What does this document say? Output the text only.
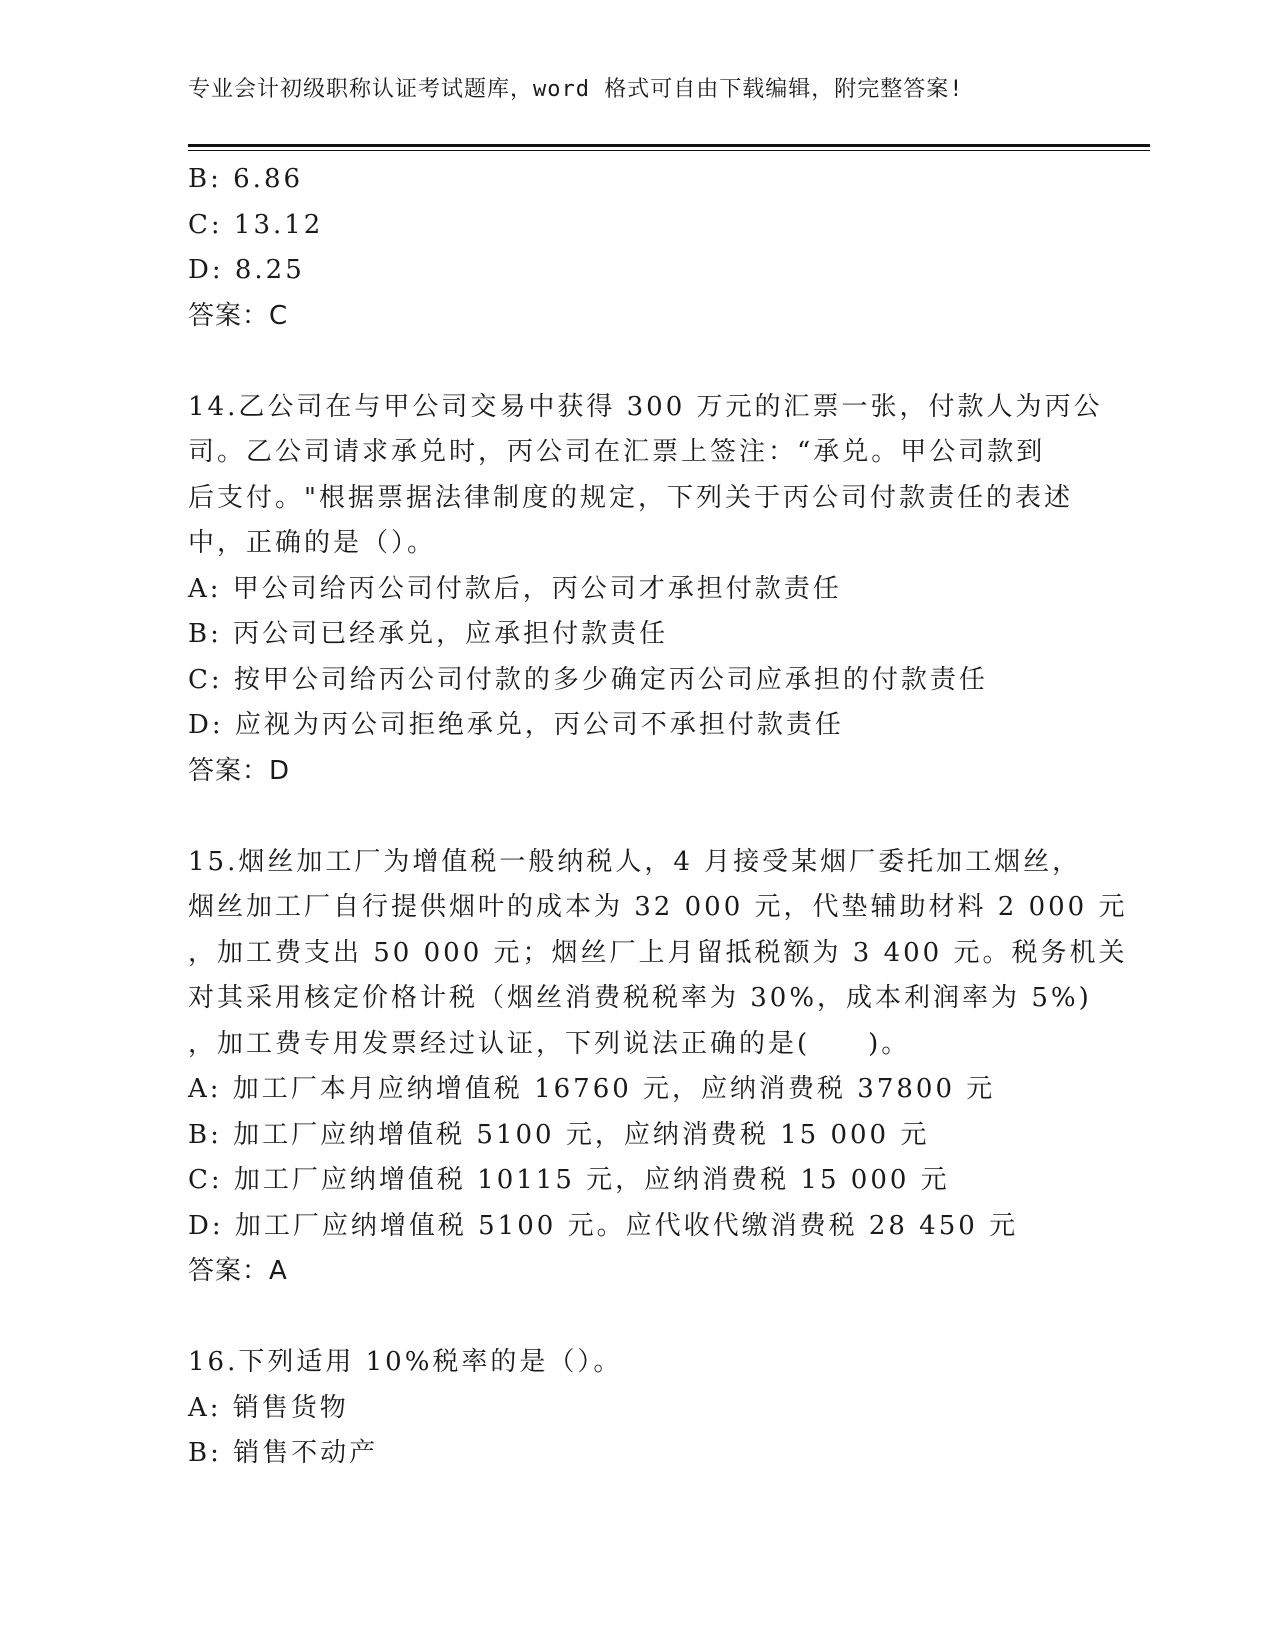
专业会计初级职称认证考试题库，word 格式可自由下载编辑，附完整答案!
B: 6.86
C: 13.12
D: 8.25
答案：C
14.乙公司在与甲公司交易中获得 300 万元的汇票一张，付款人为丙公
司。乙公司请求承兑时，丙公司在汇票上签注：“承兑。甲公司款到
后支付。"根据票据法律制度的规定，下列关于丙公司付款责任的表述
中，正确的是（）。
A: 甲公司给丙公司付款后，丙公司才承担付款责任
B: 丙公司已经承兑，应承担付款责任
C: 按甲公司给丙公司付款的多少确定丙公司应承担的付款责任
D: 应视为丙公司拒绝承兑，丙公司不承担付款责任
答案：D
15.烟丝加工厂为增值税一般纳税人，4 月接受某烟厂委托加工烟丝，
烟丝加工厂自行提供烟叶的成本为 32 000 元，代垫辅助材料 2 000 元
，加工费支出 50 000 元；烟丝厂上月留抵税额为 3 400 元。税务机关
对其采用核定价格计税（烟丝消费税税率为 30%，成本利润率为 5%)
，加工费专用发票经过认证，下列说法正确的是(　　)。
A: 加工厂本月应纳增值税 16760 元，应纳消费税 37800 元
B: 加工厂应纳增值税 5100 元，应纳消费税 15 000 元
C: 加工厂应纳增值税 10115 元，应纳消费税 15 000 元
D: 加工厂应纳增值税 5100 元。应代收代缴消费税 28 450 元
答案：A
16.下列适用 10%税率的是（）。
A: 销售货物
B: 销售不动产
